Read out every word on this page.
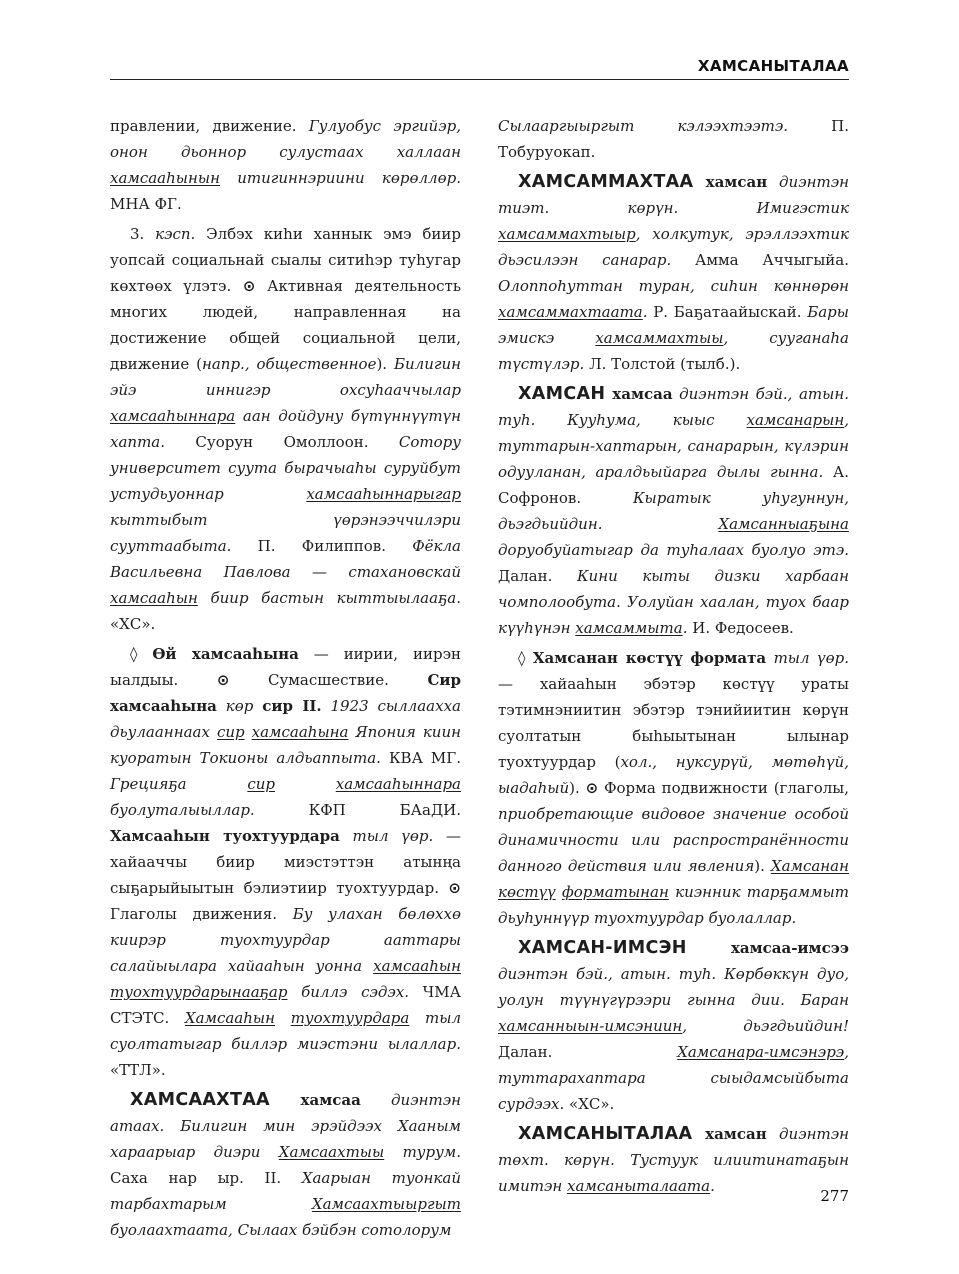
ХАМСАНЫТАЛАА

правлении, движение. Гулуобус эргийэр, онон дьоннор сулустаах халлаан хамсааhынын итигиннэриини көрөллөр. МНА ФГ.

3. кэсп. Элбэх киhи ханнык эмэ биир уопсай социальнай сыалы ситиhэр туhугар көхтөөх үлэтэ. ⊙ Активная деятельность многих людей, направленная на достижение общей социальной цели, движение (напр., общественное). Билигин эйэ иннигэр охсуhааччылар хамсааhыннара аан дойдуну бүтүннүүтүн хапта. Суорун Омоллоон. Сотору университет суута бырачыаhы суруйбут устудьуоннар хамсааhыннарыгар кыттыбыт үөрэнээччилэри сууттаабыта. П. Филиппов. Фёкла Васильевна Павлова — стахановскай хамсааhын биир бастын кыттыылааҕа. «ХС».

◊ Өй хамсааhына — иирии, иирэн ыалдыы. ⊙ Сумасшествие. Сир хамсааhына көр сир II. 1923 сыллааххa дьулааннаах сир хамсааhына Япония киин куоратын Токионы алдьаппыта. КВА МГ. Грецияҕа сир	хамсааhыннара буолуталыыллар. КФП БАаДИ. Хамсааhын туохтуурдара тыл үөр. — хайааччы биир миэстэттэн атынңа сыҕарыйыытын бэлиэтиир туохтуурдар. ⊙ Глаголы движения. Бу улахан бөлөххө киирэр туохтуурдар ааттары салайыылара хайааhын уонна хамсааhын туохтуурдарынааҕар биллэ сэдэх. ЧМА СТЭТС. Хамсааhын туохтуурдара тыл суолтатыгар биллэр миэстэни ылаллар. «ТТЛ».

ХАМСААХТАА хамсаа диэнтэн атаах. Билигин мин эрэйдээх Хааным хараарыар диэри Хамсаахтыы турум. Саха нар ыр. II. Хаарыан туонкай тарбахтарым Хамсаахтыыргыт буолаахтаата, Сылаах бэйбэн сотолорум

Сылааргыыргыт кэлээхтээтэ. П. Тобуруокап.

ХАМСАММАХТАА хамсан диэнтэн тиэт. көрүн. Имигэстик хамсаммахтыыр, холкутук, эрэллээхтик дьэсилээн санарар. Амма Аччыгыйа. Олоппоhуттан туран, сиhин көннөрөн хамсаммахтаата. Р. Баҕатаайыскай. Бары эмискэ хамсаммахтыы, сууганаhа түстүлэр. Л. Толстой (тылб.).

ХАМСАН хамсаа диэнтэн бэй., атын. туh. Кууhума, кыыс хамсанарын, туттарын-хаптарын, санарарын, күлэрин одууланан, аралдьыйарга дылы гынна. А. Софронов. Кыратык уhугуннун, дьэгдьийдин. Хамсанныаҕына доруобуйатыгар да туhалаах буолуо этэ. Далан. Кини кыты дизки харбаан чомполообута. Уолуйан хаалан, туох баар күүhүнэн хамсаммыта. И. Федосеев.

◊ Хамсанан көстүү формата тыл үөр. — хайааhын эбэтэр көстүү ураты тэтимнэниитин эбэтэр тэнийиитин көрүн суолтатын быhыытынан ылынар туохтуурдар (хол., нуксурүй, мөтөhүй, ыадаhый). ⊙ Форма подвижности (глаголы, приобретающие видовое значение особой динамичности или распространённости данного действия или явления). Хамсанан көстүү форматынан киэнник тарҕаммыт дьуhуннүүр туохтуурдар буолаллар.

ХАМСАН-ИМСЭН хамсаа-имсээ диэнтэн бэй., атын. туh. Көрбөккүн дуо, уолун түүнүгүрээри гынна дии. Баран хамсанныын-имсэниин, дьэгдьийдин! Далан. Хамсанара-имсэнэрэ, туттарахаптара сыыдамсыйбыта сурдээх. «ХС».

ХАМСАНЫТАЛАА хамсан диэнтэн төхт. көрүн. Тустуук илиитинатаҕын имитэн хамсаныталаата.

277
